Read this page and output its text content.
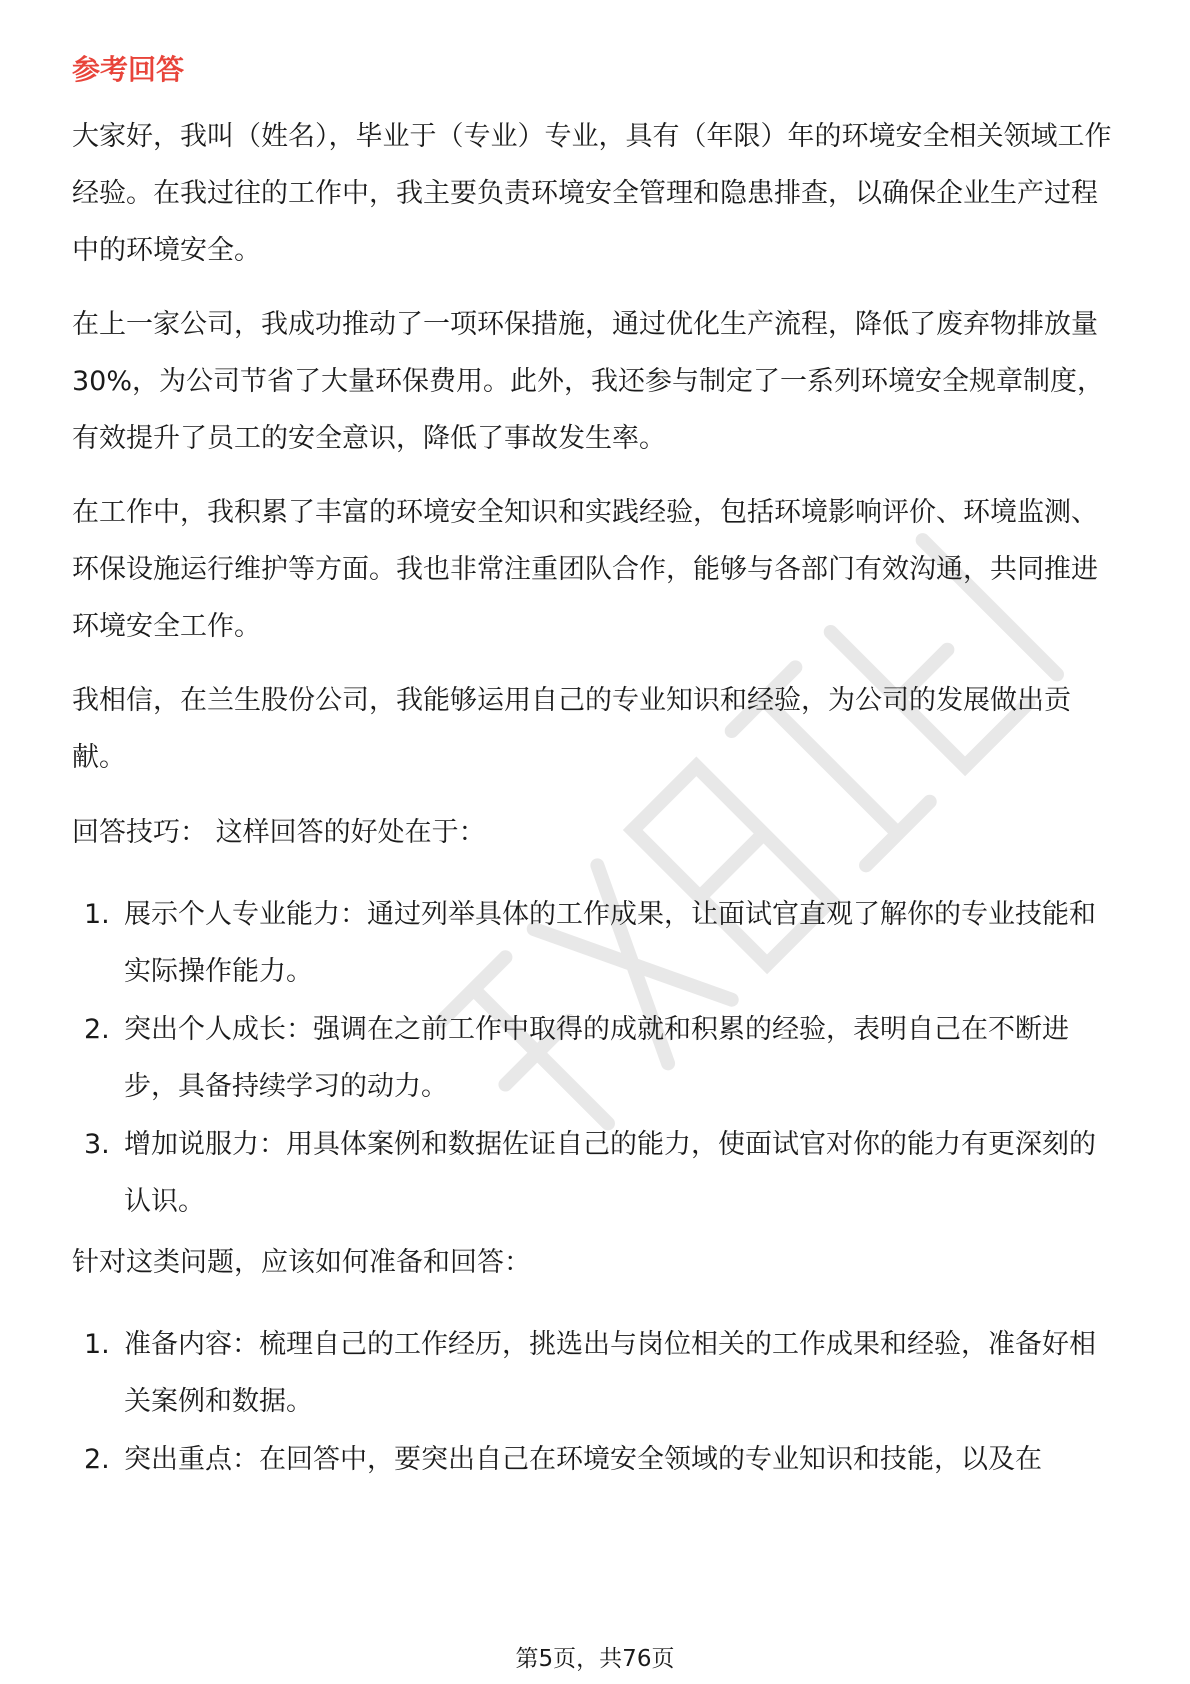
参考回答

大家好，我叫（姓名），毕业于（专业）专业，具有（年限）年的环境安全相关领域工作经验。在我过往的工作中，我主要负责环境安全管理和隐患排查，以确保企业生产过程中的环境安全。

在上一家公司，我成功推动了一项环保措施，通过优化生产流程，降低了废弃物排放量30%，为公司节省了大量环保费用。此外，我还参与制定了一系列环境安全规章制度，有效提升了员工的安全意识，降低了事故发生率。

在工作中，我积累了丰富的环境安全知识和实践经验，包括环境影响评价、环境监测、环保设施运行维护等方面。我也非常注重团队合作，能够与各部门有效沟通，共同推进环境安全工作。

我相信，在兰生股份公司，我能够运用自己的专业知识和经验，为公司的发展做出贡献。

回答技巧： 这样回答的好处在于：

1. 展示个人专业能力：通过列举具体的工作成果，让面试官直观了解你的专业技能和实际操作能力。
2. 突出个人成长：强调在之前工作中取得的成就和积累的经验，表明自己在不断进步，具备持续学习的动力。
3. 增加说服力：用具体案例和数据佐证自己的能力，使面试官对你的能力有更深刻的认识。

针对这类问题，应该如何准备和回答：

1. 准备内容：梳理自己的工作经历，挑选出与岗位相关的工作成果和经验，准备好相关案例和数据。
2. 突出重点：在回答中，要突出自己在环境安全领域的专业知识和技能，以及在
第5页，共76页
